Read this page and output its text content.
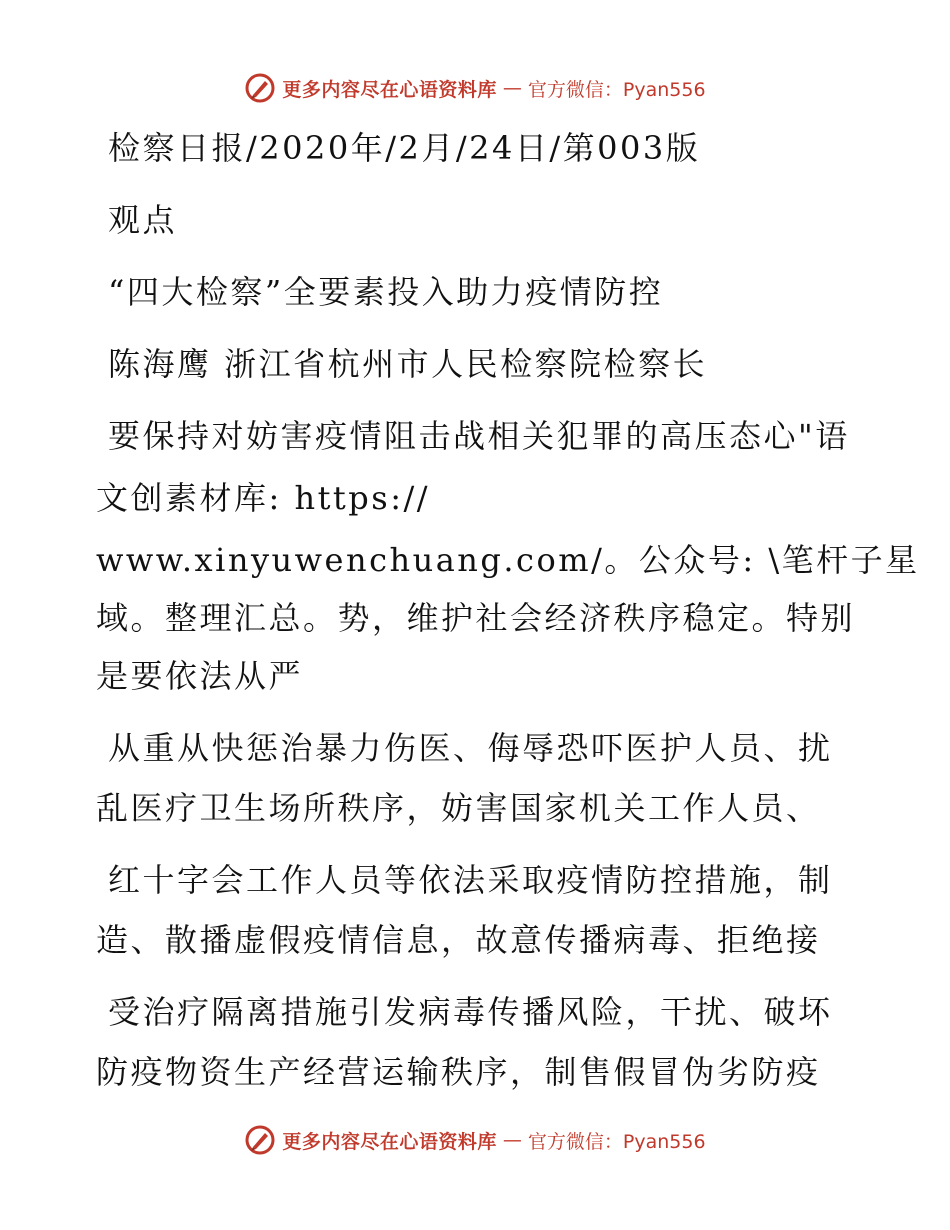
更多内容尽在心语资料库 — 官方微信：Pyan556
检察日报/2020年/2月/24日/第003版
观点
“四大检察”全要素投入助力疫情防控
陈海鹰 浙江省杭州市人民检察院检察长
要保持对妨害疫情阻击战相关犯罪的高压态心"语
文创素材库: https://
www.xinyuwenchuang.com/。公众号: \笔杆子星
域。整理汇总。势，维护社会经济秩序稳定。特别
是要依法从严
从重从快惩治暴力伤医、侮辱恐吓医护人员、扰
乱医疗卫生场所秩序，妨害国家机关工作人员、
红十字会工作人员等依法采取疫情防控措施，制
造、散播虚假疫情信息，故意传播病毒、拒绝接
受治疗隔离措施引发病毒传播风险，干扰、破坏
防疫物资生产经营运输秩序，制售假冒伪劣防疫
更多内容尽在心语资料库 — 官方微信：Pyan556
